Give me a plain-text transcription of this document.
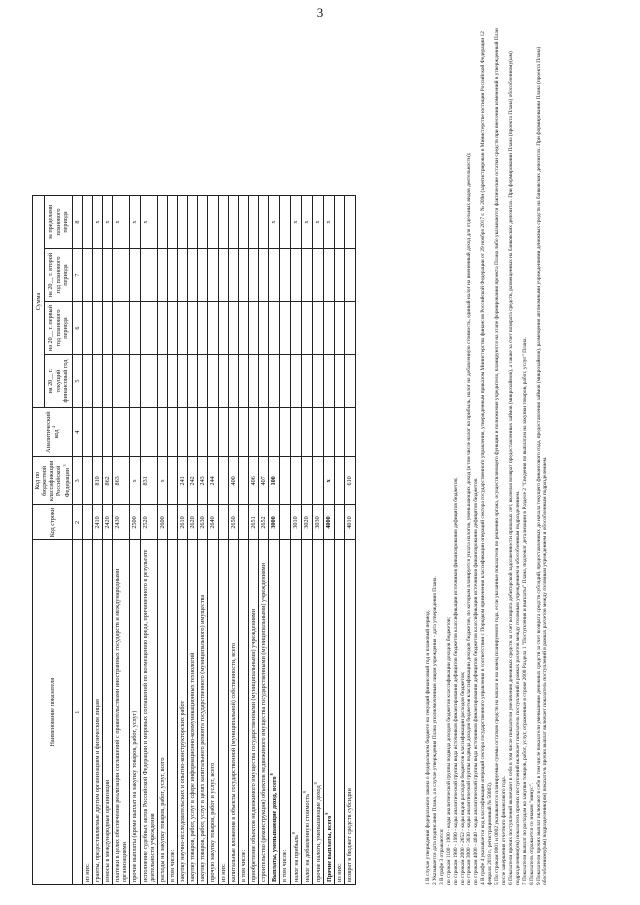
3
Наименование показателя	Код строки	Код по бюджетной классификации Российской Федерации $^3$	Аналитический код $^4$	Сумма			
				на 20__ г. текущий финансовый год	на 20__ г. первый год планового периода	на 20__ г. второй год планового периода	за пределами планового периода
1	2	3	4	5	6	7	8
из них:							
гранты, предоставляемые другим организациям и физическим лицам	2410	810					x
взносы в международные организации	2420	862					x
платежи в целях обеспечения реализации соглашений с правительствами иностранных государств и международными организациями	2430	863					x
прочие выплаты (кроме выплат на закупку товаров, работ, услуг)	2500	x					x
исполнение судебных актов Российской Федерации и мировых соглашений по возмещению вреда, причиненного в результате деятельности учреждения	2520	831					x
расходы на закупку товаров, работ, услуг, всего	2600	x					
в том числе:							
закупку научно-исследовательских и опытно-конструкторских работ	2610	241					
закупку товаров, работ, услуг в сфере информационно-коммуникационных технологий	2620	242					
закупку товаров, работ, услуг в целях капитального ремонта государственного (муниципального) имущества	2630	243					
прочую закупку товаров, работ и услуг, всего	2640	244					
из них:							
капитальные вложения в объекты государственной (муниципальной) собственности, всего	2650	400					
в том числе:							
приобретение объектов недвижимого имущества государственными (муниципальными) учреждениями	2651	406					
строительство (реконструкция) объектов недвижимого имущества государственными (муниципальными) учреждениями	2652	407					
Выплаты, уменьшающие доход, всего $^8$	3000	100					x
в том числе:							
налог на прибыль $^8$	3010						x
налог на добавленную стоимость $^8$	3020						x
прочие налоги, уменьшающие доход $^8$	3030						x
Прочие выплаты, всего $^9$	4000	x					x
из них:							
возврат в бюджет средств субсидии	4010	610					
1 В случае утверждения федерального закона о федеральном бюджете на текущий финансовый год и плановый период. 2 Указывается дата подписания Плана, а в случае утверждения Плана уполномоченным лицом учреждения - дата утверждения Плана. 3 В графе 3 отражаются: по строкам 1100 - 1900 - коды аналитической группы подвида доходов бюджетов классификации доходов бюджетов; по строкам 1980 - 1990 - коды аналитической группы вида источников финансирования дефицитов бюджетов классификации источников финансирования дефицитов бюджетов; по строкам 2000 - 2652 - коды видов расходов бюджетов классификации расходов бюджетов; по строкам 3000 - 3030 - коды аналитической группы подвида доходов бюджетов классификации доходов бюджетов, по которым планируется уплата налогов, уменьшающих доход (в том числе налог на прибыль, налог на добавленную стоимость, единый налог на вмененный доход для отдельных видов деятельности); по строкам 4000 - 4040 - коды аналитической группы вида источников финансирования дефицитов бюджетов классификации источников финансирования дефицитов бюджетов. 4 В графе 4 указывается код классификации операций сектора государственного управления в соответствии с Порядком применения классификации операций сектора государственного управления, утвержденным приказом Министерства финансов Российской Федерации от 29 ноября 2017 г. № 209н (зарегистрирован в Министерстве юстиции Российской Федерации 12 февраля 2018 г., регистрационный № 50003). 5 По строкам 0001 и 0002 указываются планируемые суммы остатков средств на начало и на конец планируемого года, если указанные показатели по решению органа, осуществляющего функции и полномочия учредителя, планируются на этапе формирования проекта Плана либо указываются фактические остатки средств при внесении изменений в утвержденный План после завершения отчетного финансового года. 6 Показатели прочих поступлений включают в себя в том числе показатели увеличения денежных средств за счет возврата дебиторской задолженности прошлых лет, включая возврат предоставленных займов (микрозаймов), а также за счет возврата средств, размещенных на банковских депозитах. При формировании Плана (проекта Плана) обособленному(ым) подразделению(ям) показатель прочих поступлений включает показатель поступлений в рамках расчетов между головным учреждением и обособленным подразделением. 7 Показатели выплат по расходам на закупки товаров, работ, услуг, отраженные в строке 2600 Раздела 1 "Поступления и выплаты" Плана, подлежат детализации в Разделе 2 "Сведения по выплатам на закупки товаров, работ, услуг" Плана. 8 Показатель отражается со знаком "минус". 9 Показатели прочих выплат включают в себя в том числе показатели уменьшения денежных средств за счет возврата средств субсидий, предоставленных до начала текущего финансового года, предоставления займов (микрозаймов), размещения автономными учреждениями денежных средств на банковских депозитах. При формировании Плана (проекта Плана) обособленному(ым) подразделению(ям) показатель прочих выплат включает показатель поступлений в рамках расчетов между головным учреждением и обособленным подразделением.
